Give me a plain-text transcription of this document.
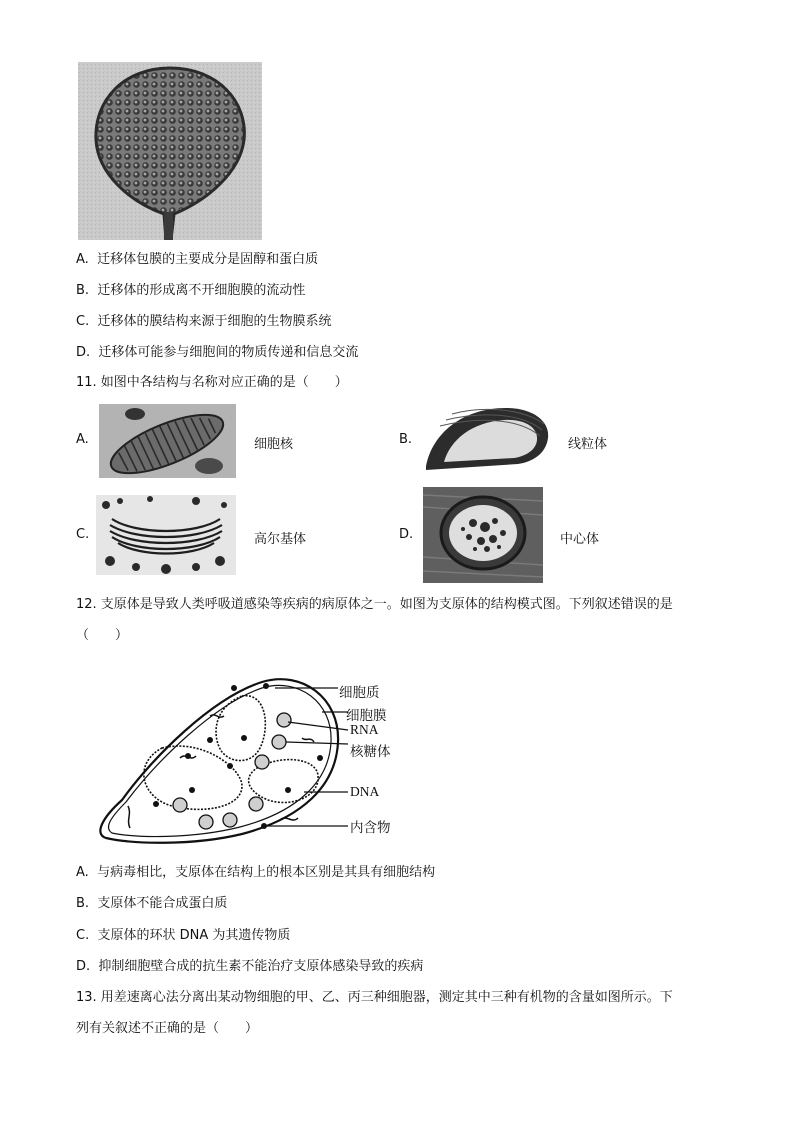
A. 迁移体包膜的主要成分是固醇和蛋白质
B. 迁移体的形成离不开细胞膜的流动性
C. 迁移体的膜结构来源于细胞的生物膜系统
D. 迁移体可能参与细胞间的物质传递和信息交流
11. 如图中各结构与名称对应正确的是（　　）
A.	细胞核	B.	线粒体
C.	高尔基体	D.	中心体
12. 支原体是导致人类呼吸道感染等疾病的病原体之一。如图为支原体的结构模式图。下列叙述错误的是
（　　）
细胞质
细胞膜
RNA
核糖体
DNA
内含物
A. 与病毒相比，支原体在结构上的根本区别是其具有细胞结构
B. 支原体不能合成蛋白质
C. 支原体的环状 DNA 为其遗传物质
D. 抑制细胞壁合成的抗生素不能治疗支原体感染导致的疾病
13. 用差速离心法分离出某动物细胞的甲、乙、丙三种细胞器，测定其中三种有机物的含量如图所示。下
列有关叙述不正确的是（　　）
